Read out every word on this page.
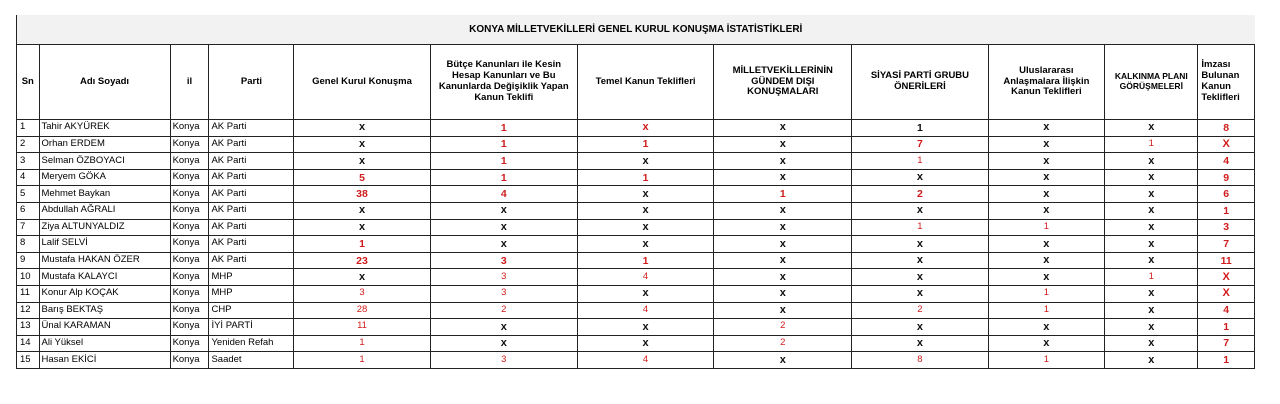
KONYA MİLLETVEKİLLERİ GENEL KURUL KONUŞMA İSTATİSTİKLERİ											
Sn	Adı Soyadı	il	Parti	Genel Kurul Konuşma	Bütçe Kanunları ile Kesin Hesap Kanunları ve Bu Kanunlarda Değişiklik Yapan Kanun Teklifi	Temel Kanun Teklifleri	MİLLETVEKİLLERİNİN GÜNDEM DIŞI KONUŞMALARI	SİYASİ PARTİ GRUBU ÖNERİLERİ	Uluslararası Anlaşmalara İlişkin Kanun Teklifleri	KALKINMA PLANI GÖRÜŞMELERİ	İmzası Bulunan Kanun Teklifleri
1	Tahir AKYÜREK	Konya	AK Parti	x	1	x	x	1	x	x	8
2	Orhan ERDEM	Konya	AK Parti	x	1	1	x	7	x	1	X
3	Selman ÖZBOYACI	Konya	AK Parti	x	1	x	x	1	x	x	4
4	Meryem GÖKA	Konya	AK Parti	5	1	1	x	x	x	x	9
5	Mehmet Baykan	Konya	AK Parti	38	4	x	1	2	x	x	6
6	Abdullah AĞRALI	Konya	AK Parti	x	x	x	x	x	x	x	1
7	Ziya ALTUNYALDIZ	Konya	AK Parti	x	x	x	x	1	1	x	3
8	Lalif SELVİ	Konya	AK Parti	1	x	x	x	x	x	x	7
9	Mustafa HAKAN ÖZER	Konya	AK Parti	23	3	1	x	x	x	x	11
10	Mustafa KALAYCI	Konya	MHP	x	3	4	x	x	x	1	X
11	Konur Alp KOÇAK	Konya	MHP	3	3	x	x	x	1	x	X
12	Barış BEKTAŞ	Konya	CHP	28	2	4	x	2	1	x	4
13	Ünal KARAMAN	Konya	İYİ PARTİ	11	x	x	2	x	x	x	1
14	Ali Yüksel	Konya	Yeniden Refah	1	x	x	2	x	x	x	7
15	Hasan EKİCİ	Konya	Saadet	1	3	4	x	8	1	x	1
